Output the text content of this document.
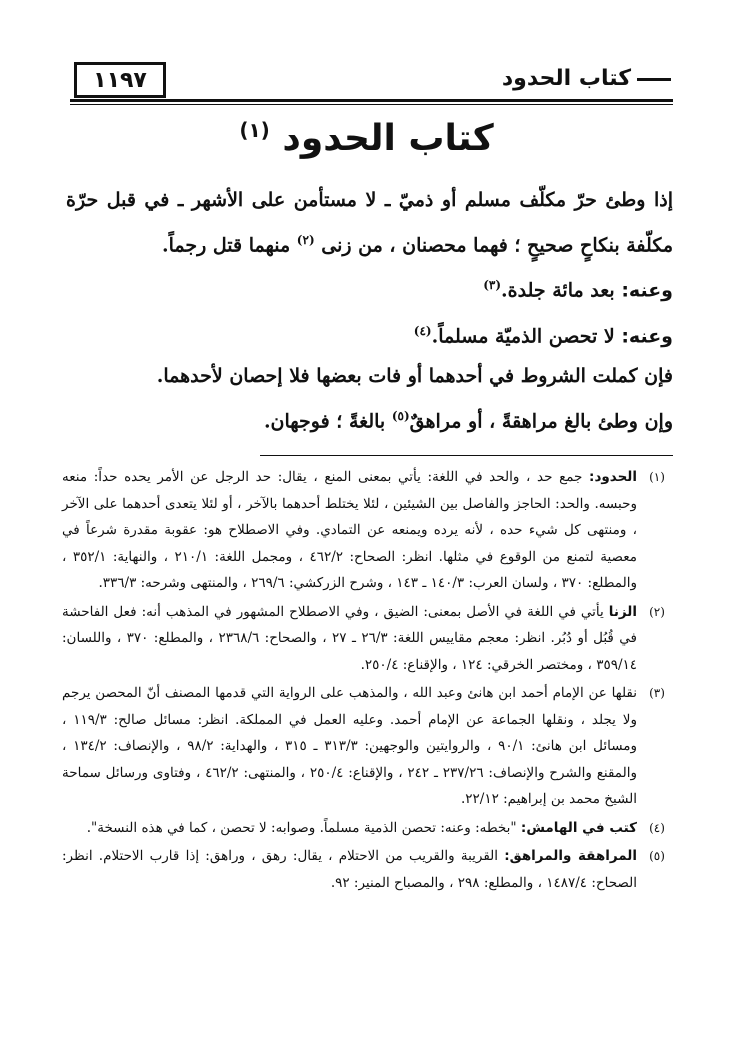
١١٩٧	كتاب الحدود
كتاب الحدود $^{(١)}$

إذا وطئ حرّ مكلّف مسلم أو ذميّ ـ لا مستأمن على الأشهر ـ في قبل حرّة مكلّفة بنكاحٍ صحيحٍ ؛ فهما محصنان ، من زنى $^{(٢)}$ منهما قتل رجماً.

وعنه: بعد مائة جلدة.$^{(٣)}$

وعنه: لا تحصن الذميّة مسلماً.$^{(٤)}$

فإن كملت الشروط في أحدهما أو فات بعضها فلا إحصان لأحدهما.

وإن وطئ بالغ مراهقةً ، أو مراهقٌ$^{(٥)}$ بالغةً ؛ فوجهان.

(١)
الحدود: جمع حد ، والحد في اللغة: يأتي بمعنى المنع ، يقال: حد الرجل عن الأمر يحده حداً: منعه وحبسه. والحد: الحاجز والفاصل بين الشيئين ، لئلا يختلط أحدهما بالآخر ، أو لئلا يتعدى أحدهما على الآخر ، ومنتهى كل شيء حده ، لأنه يرده ويمنعه عن التمادي. وفي الاصطلاح هو: عقوبة مقدرة شرعاً في معصية لتمنع من الوقوع في مثلها. انظر: الصحاح: ٤٦٢/٢ ، ومجمل اللغة: ٢١٠/١ ، والنهاية: ٣٥٢/١ ، والمطلع: ٣٧٠ ، ولسان العرب: ١٤٠/٣ ـ ١٤٣ ، وشرح الزركشي: ٢٦٩/٦ ، والمنتهى وشرحه: ٣٣٦/٣.
(٢)
الزنا يأتي في اللغة في الأصل بمعنى: الضيق ، وفي الاصطلاح المشهور في المذهب أنه: فعل الفاحشة في قُبُل أو دُبُر. انظر: معجم مقاييس اللغة: ٢٦/٣ ـ ٢٧ ، والصحاح: ٢٣٦٨/٦ ، والمطلع: ٣٧٠ ، واللسان: ٣٥٩/١٤ ، ومختصر الخرقي: ١٢٤ ، والإقناع: ٢٥٠/٤.
(٣)
نقلها عن الإمام أحمد ابن هانئ وعبد الله ، والمذهب على الرواية التي قدمها المصنف أنّ المحصن يرجم ولا يجلد ، ونقلها الجماعة عن الإمام أحمد. وعليه العمل في المملكة. انظر: مسائل صالح: ١١٩/٣ ، ومسائل ابن هانئ: ٩٠/١ ، والروايتين والوجهين: ٣١٣/٣ ـ ٣١٥ ، والهداية: ٩٨/٢ ، والإنصاف: ١٣٤/٢ ، والمقنع والشرح والإنصاف: ٢٣٧/٢٦ ـ ٢٤٢ ، والإقناع: ٢٥٠/٤ ، والمنتهى: ٤٦٢/٢ ، وفتاوى ورسائل سماحة الشيخ محمد بن إبراهيم: ٢٢/١٢.
(٤)
كتب في الهامش: "بخطه: وعنه: تحصن الذمية مسلماً. وصوابه: لا تحصن ، كما في هذه النسخة".
(٥)
المراهقة والمراهق: القريبة والقريب من الاحتلام ، يقال: رهق ، وراهق: إذا قارب الاحتلام. انظر: الصحاح: ١٤٨٧/٤ ، والمطلع: ٢٩٨ ، والمصباح المنير: ٩٢.
